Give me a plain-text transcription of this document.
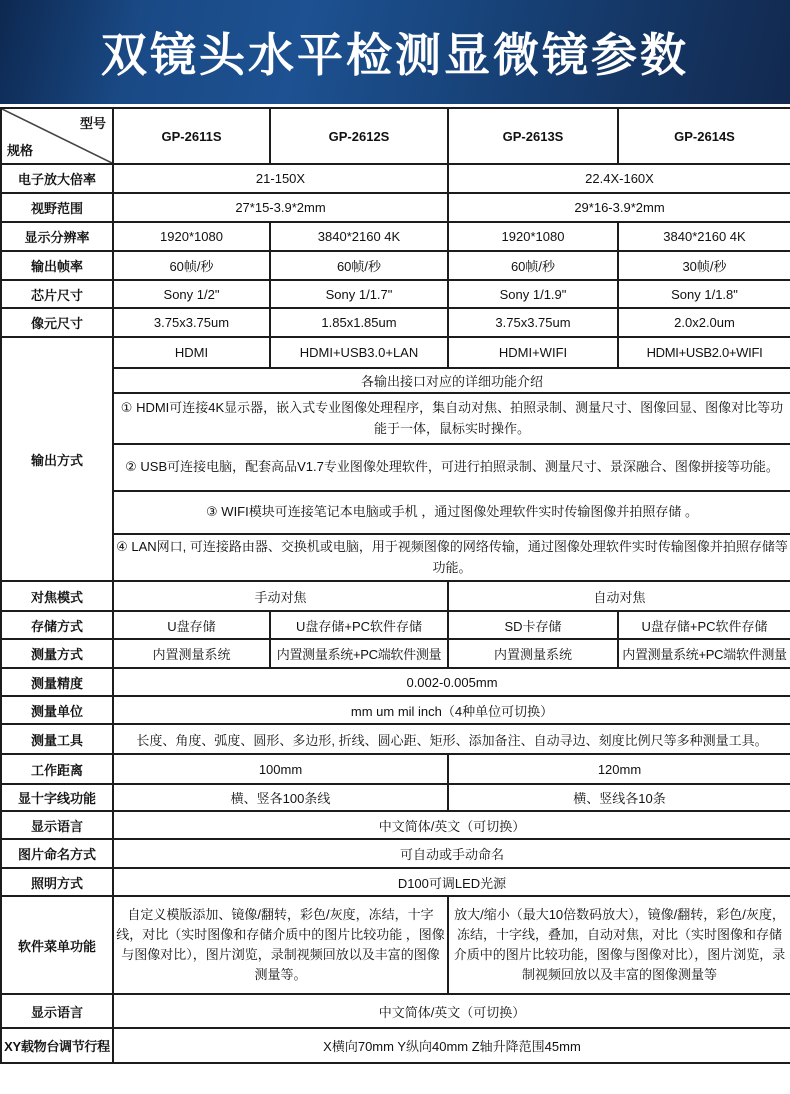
双镜头水平检测显微镜参数
型号
规格	GP-2611S	GP-2612S	GP-2613S	GP-2614S
电子放大倍率	21-150X		22.4X-160X	
视野范围	27*15-3.9*2mm		29*16-3.9*2mm	
显示分辨率	1920*1080	3840*2160 4K	1920*1080	3840*2160 4K
输出帧率	60帧/秒	60帧/秒	60帧/秒	30帧/秒
芯片尺寸	Sony 1/2"	Sony 1/1.7"	Sony 1/1.9"	Sony 1/1.8"
像元尺寸	3.75x3.75um	1.85x1.85um	3.75x3.75um	2.0x2.0um
输出方式	HDMI	HDMI+USB3.0+LAN	HDMI+WIFI	HDMI+USB2.0+WIFI
	各输出接口对应的详细功能介绍			
	① HDMI可连接4K显示器，嵌入式专业图像处理程序，集自动对焦、拍照录制、测量尺寸、图像回显、图像对比等功能于一体，鼠标实时操作。			
	② USB可连接电脑，配套高品V1.7专业图像处理软件，可进行拍照录制、测量尺寸、景深融合、图像拼接等功能。			
	③ WIFI模块可连接笔记本电脑或手机 ，通过图像处理软件实时传输图像并拍照存储 。			
	④ LAN网口, 可连接路由器、交换机或电脑，用于视频图像的网络传输，通过图像处理软件实时传输图像并拍照存储等功能。			
对焦模式	手动对焦		自动对焦	
存储方式	U盘存储	U盘存储+PC软件存储	SD卡存储	U盘存储+PC软件存储
测量方式	内置测量系统	内置测量系统+PC端软件测量	内置测量系统	内置测量系统+PC端软件测量
测量精度	0.002-0.005mm			
测量单位	mm um mil inch（4种单位可切换）			
测量工具	长度、角度、弧度、圆形、多边形, 折线、圆心距、矩形、添加备注、自动寻边、刻度比例尺等多种测量工具。			
工作距离	100mm		120mm	
显十字线功能	横、竖各100条线		横、竖线各10条	
显示语言	中文简体/英文（可切换）			
图片命名方式	可自动或手动命名			
照明方式	D100可调LED光源			
软件菜单功能	自定义模版添加、镜像/翻转，彩色/灰度，冻结，十字线，对比（实时图像和存储介质中的图片比较功能 ，图像与图像对比），图片浏览，录制视频回放以及丰富的图像测量等。		放大/缩小（最大10倍数码放大），镜像/翻转，彩色/灰度，冻结，十字线，叠加，自动对焦，对比（实时图像和存储介质中的图片比较功能，图像与图像对比），图片浏览，录制视频回放以及丰富的图像测量等	
显示语言	中文简体/英文（可切换）			
XY载物台调节行程	X横向70mm Y纵向40mm Z轴升降范围45mm			
